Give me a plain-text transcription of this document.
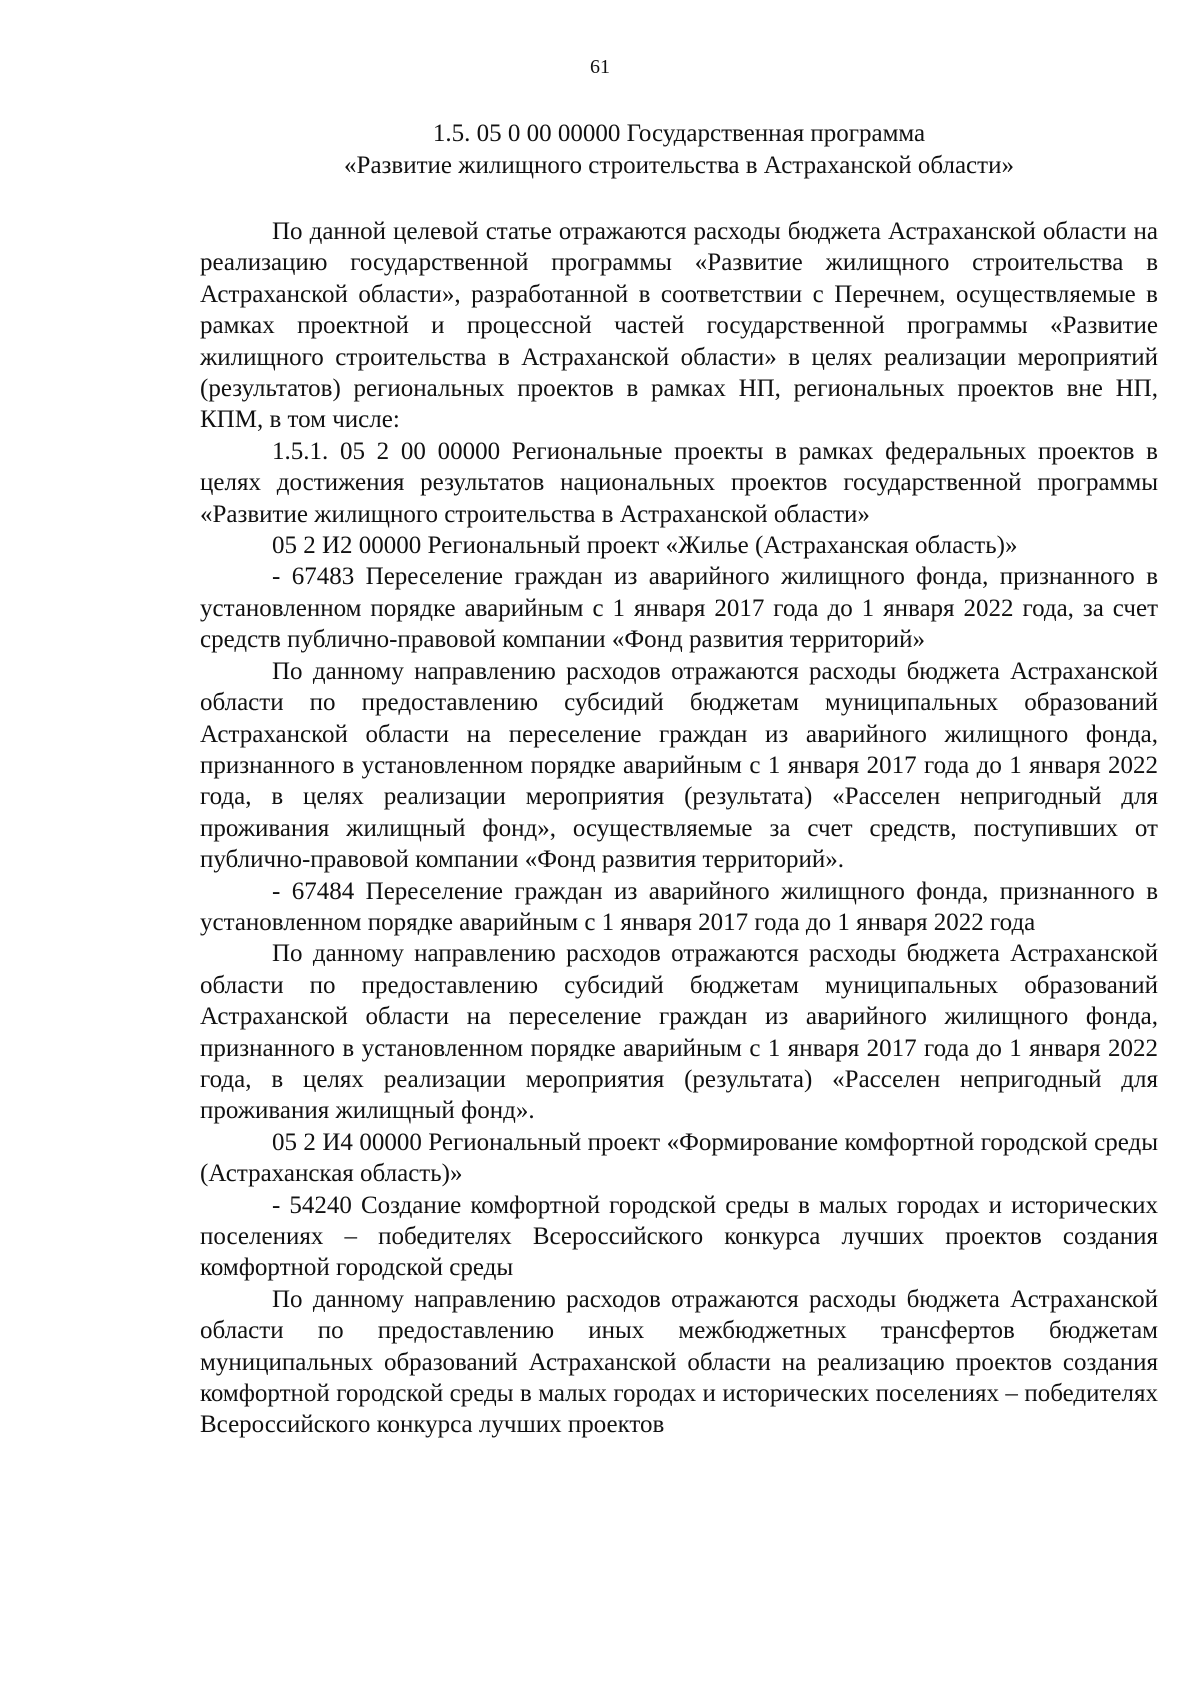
61
1.5. 05 0 00 00000 Государственная программа
«Развитие жилищного строительства в Астраханской области»

По данной целевой статье отражаются расходы бюджета Астраханской области на реализацию государственной программы «Развитие жилищного строительства в Астраханской области», разработанной в соответствии с Перечнем, осуществляемые в рамках проектной и процессной частей государственной программы «Развитие жилищного строительства в Астраханской области» в целях реализации мероприятий (результатов) региональных проектов в рамках НП, региональных проектов вне НП, КПМ, в том числе:

1.5.1. 05 2 00 00000 Региональные проекты в рамках федеральных проектов в целях достижения результатов национальных проектов государственной программы «Развитие жилищного строительства в Астраханской области»

05 2 И2 00000 Региональный проект «Жилье (Астраханская область)»

- 67483 Переселение граждан из аварийного жилищного фонда, признанного в установленном порядке аварийным с 1 января 2017 года до 1 января 2022 года, за счет средств публично-правовой компании «Фонд развития территорий»

По данному направлению расходов отражаются расходы бюджета Астраханской области по предоставлению субсидий бюджетам муниципальных образований Астраханской области на переселение граждан из аварийного жилищного фонда, признанного в установленном порядке аварийным с 1 января 2017 года до 1 января 2022 года, в целях реализации мероприятия (результата) «Расселен непригодный для проживания жилищный фонд», осуществляемые за счет средств, поступивших от публично-правовой компании «Фонд развития территорий».

- 67484 Переселение граждан из аварийного жилищного фонда, признанного в установленном порядке аварийным с 1 января 2017 года до 1 января 2022 года

По данному направлению расходов отражаются расходы бюджета Астраханской области по предоставлению субсидий бюджетам муниципальных образований Астраханской области на переселение граждан из аварийного жилищного фонда, признанного в установленном порядке аварийным с 1 января 2017 года до 1 января 2022 года, в целях реализации мероприятия (результата) «Расселен непригодный для проживания жилищный фонд».

05 2 И4 00000 Региональный проект «Формирование комфортной городской среды (Астраханская область)»

- 54240 Создание комфортной городской среды в малых городах и исторических поселениях – победителях Всероссийского конкурса лучших проектов создания комфортной городской среды

По данному направлению расходов отражаются расходы бюджета Астраханской области по предоставлению иных межбюджетных трансфертов бюджетам муниципальных образований Астраханской области на реализацию проектов создания комфортной городской среды в малых городах и исторических поселениях – победителях Всероссийского конкурса лучших проектов
